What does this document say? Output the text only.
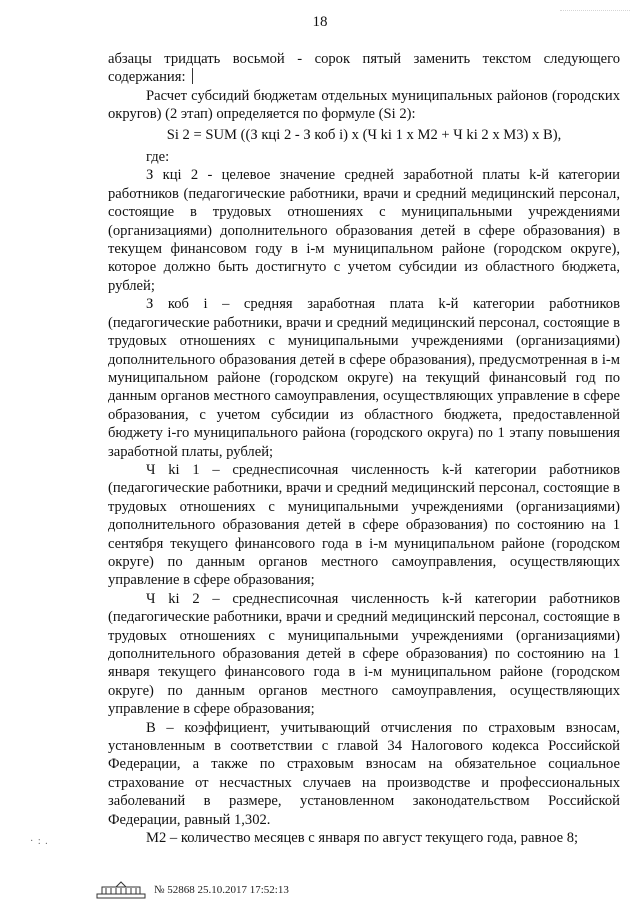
18

абзацы тридцать восьмой - сорок пятый заменить текстом следующего содержания:

Расчет субсидий бюджетам отдельных муниципальных районов (городских округов) (2 этап) определяется по формуле (Si 2):

Si 2 = SUM ((З кцi 2 - З коб i) х (Ч ki 1 х М2 + Ч ki 2 х М3) х В),

где:

З кцi 2 - целевое значение средней заработной платы k-й категории работников (педагогические работники, врачи и средний медицинский персонал, состоящие в трудовых отношениях с муниципальными учреждениями (организациями) дополнительного образования детей в сфере образования) в текущем финансовом году в i-м муниципальном районе (городском округе), которое должно быть достигнуто с учетом субсидии из областного бюджета, рублей;

З коб i – средняя заработная плата k-й категории работников (педагогические работники, врачи и средний медицинский персонал, состоящие в трудовых отношениях с муниципальными учреждениями (организациями) дополнительного образования детей в сфере образования), предусмотренная в i-м муниципальном районе (городском округе) на текущий финансовый год по данным органов местного самоуправления, осуществляющих управление в сфере образования, с учетом субсидии из областного бюджета, предоставленной бюджету i-го муниципального района (городского округа) по 1 этапу повышения заработной платы, рублей;

Ч ki 1 – среднесписочная численность k-й категории работников (педагогические работники, врачи и средний медицинский персонал, состоящие в трудовых отношениях с муниципальными учреждениями (организациями) дополнительного образования детей в сфере образования) по состоянию на 1 сентября текущего финансового года в i-м муниципальном районе (городском округе) по данным органов местного самоуправления, осуществляющих управление в сфере образования;

Ч ki 2 – среднесписочная численность k-й категории работников (педагогические работники, врачи и средний медицинский персонал, состоящие в трудовых отношениях с муниципальными учреждениями (организациями) дополнительного образования детей в сфере образования) по состоянию на 1 января текущего финансового года в i-м муниципальном районе (городском округе) по данным органов местного самоуправления, осуществляющих управление в сфере образования;

В – коэффициент, учитывающий отчисления по страховым взносам, установленным в соответствии с главой 34 Налогового кодекса Российской Федерации, а также по страховым взносам на обязательное социальное страхование от несчастных случаев на производстве и профессиональных заболеваний в размере, установленном законодательством Российской Федерации, равный 1,302.

М2 – количество месяцев с января по август текущего года, равное 8;

· : .
№ 52868 25.10.2017 17:52:13
